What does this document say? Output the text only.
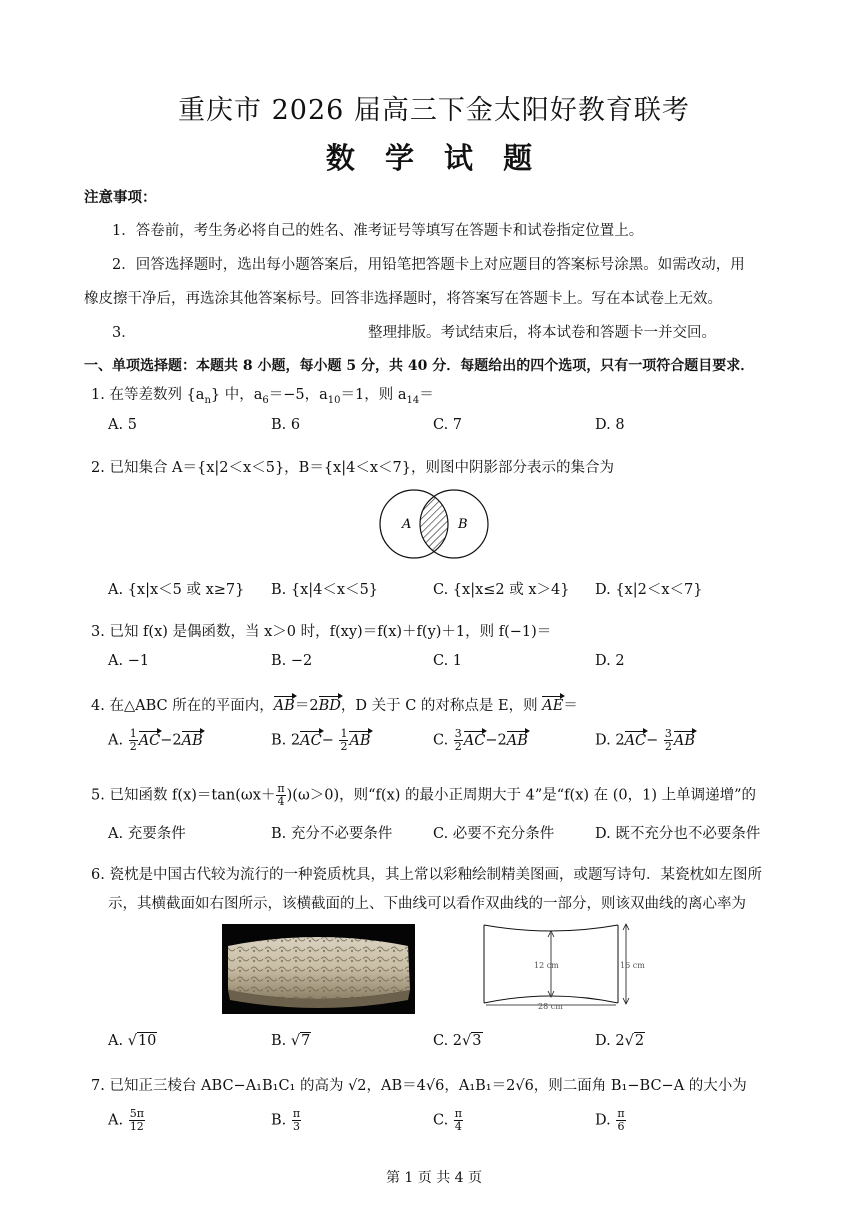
重庆市 2026 届高三下金太阳好教育联考
数 学 试 题
注意事项：
1．答卷前，考生务必将自己的姓名、准考证号等填写在答题卡和试卷指定位置上。
2．回答选择题时，选出每小题答案后，用铅笔把答题卡上对应题目的答案标号涂黑。如需改动，用
橡皮擦干净后，再选涂其他答案标号。回答非选择题时，将答案写在答题卡上。写在本试卷上无效。
3．	整理排版。考试结束后，将本试卷和答题卡一并交回。
一、单项选择题：本题共 8 小题，每小题 5 分，共 40 分．每题给出的四个选项，只有一项符合题目要求．
1. 在等差数列 $\{a_n\}$ 中，$a_6=-5$，$a_{10}=1$，则 $a_{14}=$
A. 5	B. 6	C. 7	D. 8
2. 已知集合 A＝{x|2＜x＜5}，B＝{x|4＜x＜7}，则图中阴影部分表示的集合为
A	B
A. {x|x＜5 或 x≥7} B. {x|4＜x＜5}	C. {x|x≤2 或 x＞4} D. {x|2＜x＜7}
3. 已知 f(x) 是偶函数，当 x＞0 时，f(xy)＝f(x)＋f(y)＋1，则 f(−1)＝
A. −1	B. −2	C. 1	D. 2
4. 在△ABC 所在的平面内，AB＝2BD，D 关于 C 的对称点是 E，则 AE＝
A. $\frac{1}{2} AC-2AB$	B. $2AC- \frac{1}{2}$ AB	C. $\frac{3}{2} AC-2AB$	D. $2AC- \frac{3}{2}$ AB
5. 已知函数 $f(x)=\tan(\omega x+ \frac{\pi}{4} )(\omega>0)$，则“f(x) 的最小正周期大于 4”是“f(x) 在 (0，1) 上单调递增”的
A. 充要条件	B. 充分不必要条件	C. 必要不充分条件	D. 既不充分也不必要条件
6. 瓷枕是中国古代较为流行的一种瓷质枕具，其上常以彩釉绘制精美图画，或题写诗句．某瓷枕如左图所
示，其横截面如右图所示，该横截面的上、下曲线可以看作双曲线的一部分，则该双曲线的离心率为
12 cm	16 cm
28 cm
A. √10	B. √7	C. 2√3	D. 2√2
7. 已知正三棱台 ABC−A₁B₁C₁ 的高为 √2，AB＝4√6，A₁B₁＝2√6，则二面角 B₁−BC−A 的大小为
A. $\frac{5\pi}{12}$	B. $\frac{\pi}{3}$	C. $\frac{\pi}{4}$	D. $\frac{\pi}{6}$
第 1 页 共 4 页
